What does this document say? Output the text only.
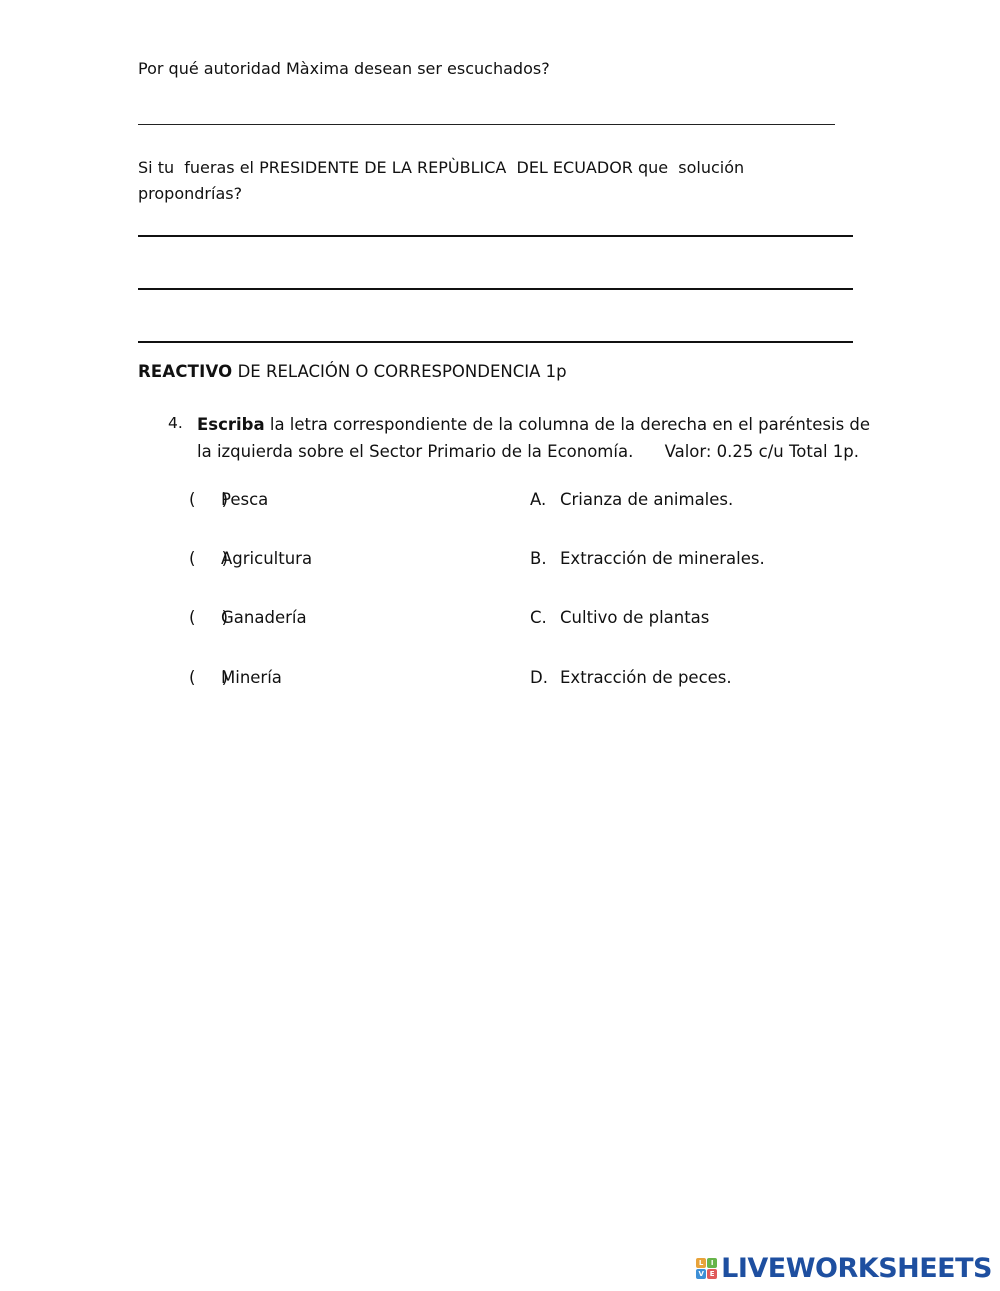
Por qué autoridad Màxima desean ser escuchados?
Si tu  fueras el PRESIDENTE DE LA REPÙBLICA  DEL ECUADOR que  solución
propondrías?
REACTIVO DE RELACIÓN O CORRESPONDENCIA 1p
4. Escriba la letra correspondiente de la columna de la derecha en el paréntesis de
la izquierda sobre el Sector Primario de la Economía. Valor: 0.25 c/u Total 1p.
(     )Pesca
(     )Agricultura
(     )Ganadería
(     )Minería
A. Crianza de animales.
B. Extracción de minerales.
C. Cultivo de plantas
D. Extracción de peces.
L	I
V E LIVEWORKSHEETS
